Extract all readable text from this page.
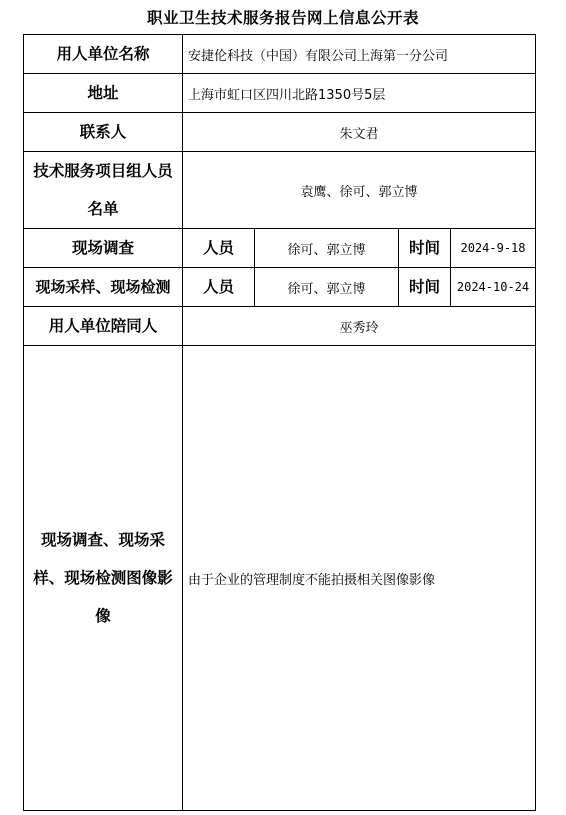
职业卫生技术服务报告网上信息公开表
用人单位名称	安捷伦科技（中国）有限公司上海第一分公司			
地址	上海市虹口区四川北路1350号5层			
联系人	朱文君			
技术服务项目组人员名单	袁鹰、徐可、郭立博			
现场调查	人员	徐可、郭立博	时间	2024-9-18
现场采样、现场检测	人员	徐可、郭立博	时间	2024-10-24
用人单位陪同人	巫秀玲			
现场调查、现场采样、现场检测图像影像	由于企业的管理制度不能拍摄相关图像影像			
